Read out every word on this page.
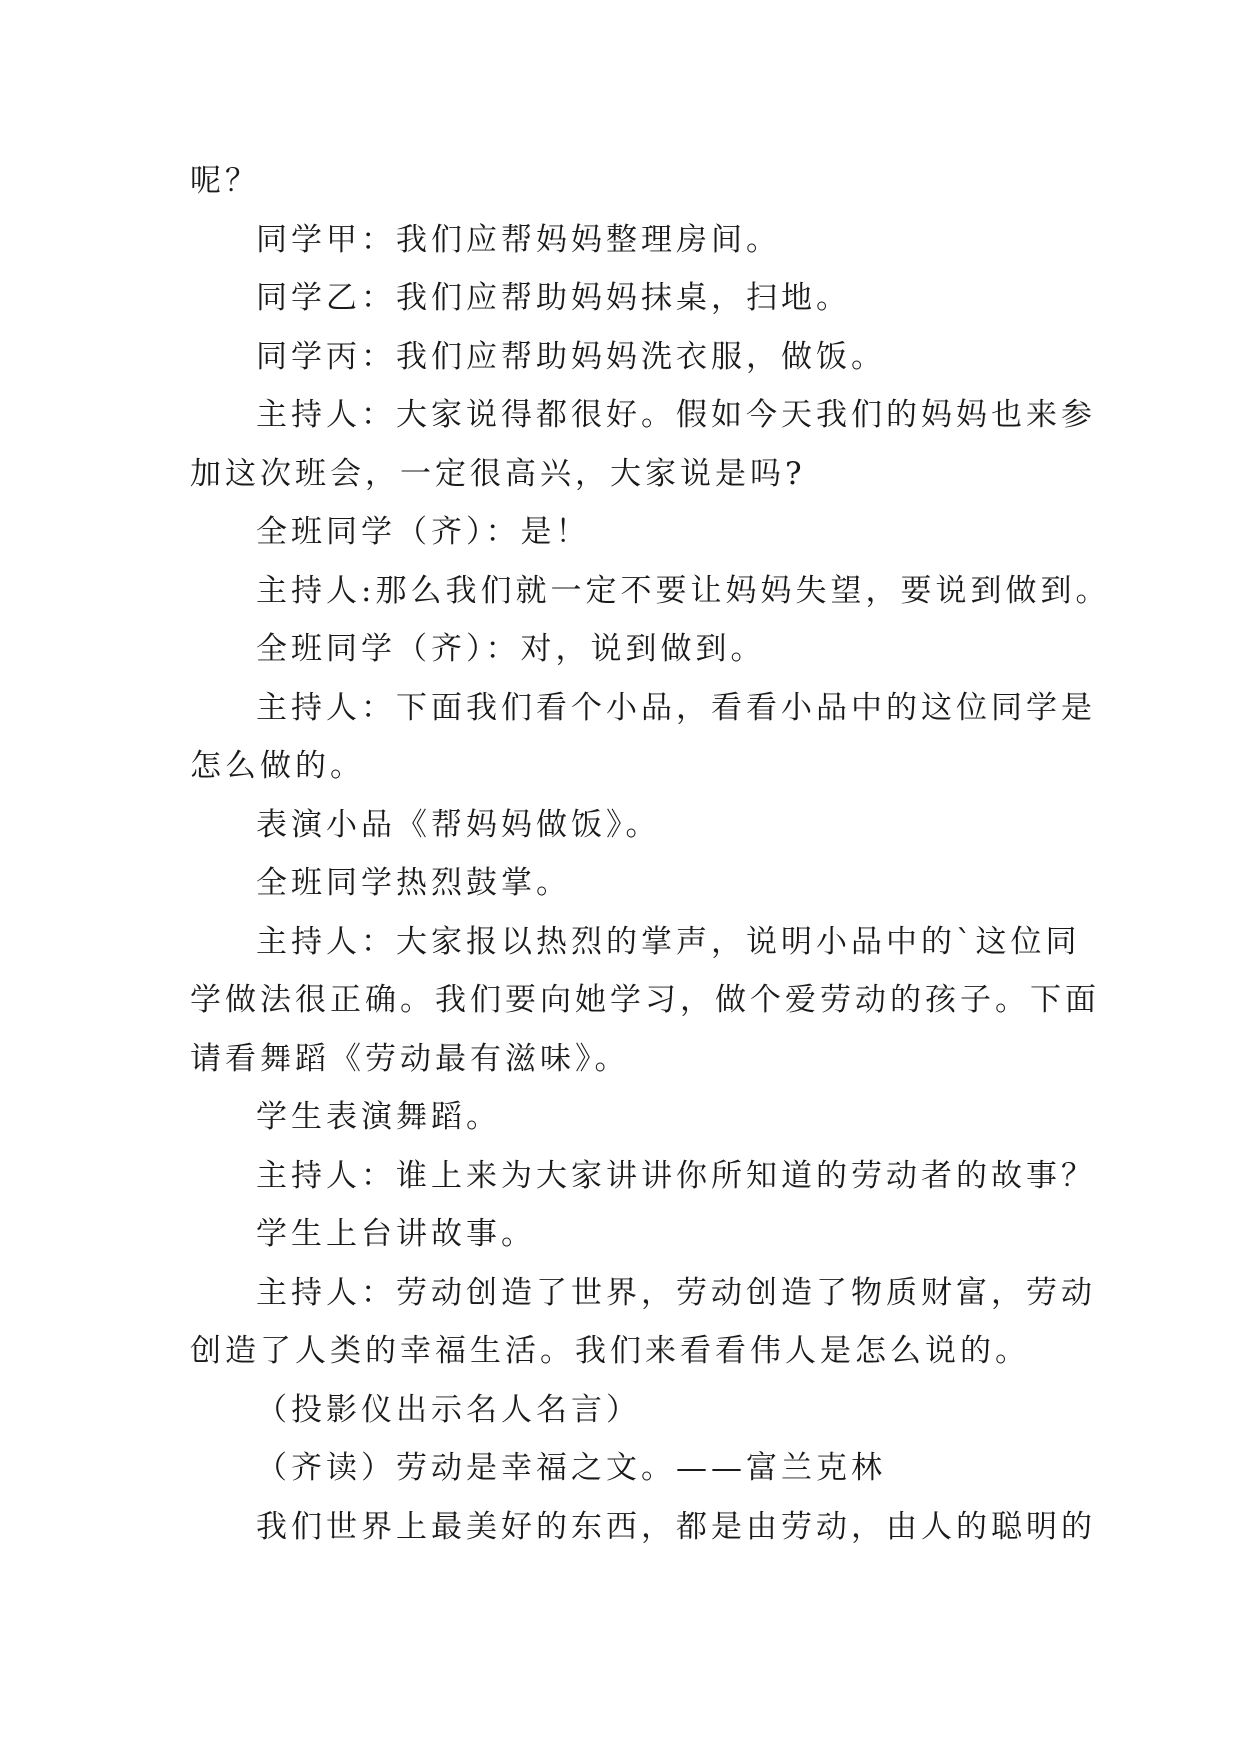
呢？
同学甲：我们应帮妈妈整理房间。
同学乙：我们应帮助妈妈抹桌，扫地。
同学丙：我们应帮助妈妈洗衣服，做饭。
主持人：大家说得都很好。假如今天我们的妈妈也来参
加这次班会，一定很高兴，大家说是吗?
全班同学（齐）：是！
主持人:那么我们就一定不要让妈妈失望，要说到做到。
全班同学（齐）：对，说到做到。
主持人：下面我们看个小品，看看小品中的这位同学是
怎么做的。
表演小品《帮妈妈做饭》。
全班同学热烈鼓掌。
主持人：大家报以热烈的掌声，说明小品中的`这位同
学做法很正确。我们要向她学习，做个爱劳动的孩子。下面
请看舞蹈《劳动最有滋味》。
学生表演舞蹈。
主持人：谁上来为大家讲讲你所知道的劳动者的故事？
学生上台讲故事。
主持人：劳动创造了世界，劳动创造了物质财富，劳动
创造了人类的幸福生活。我们来看看伟人是怎么说的。
（投影仪出示名人名言）
（齐读）劳动是幸福之文。——富兰克林
我们世界上最美好的东西，都是由劳动，由人的聪明的
